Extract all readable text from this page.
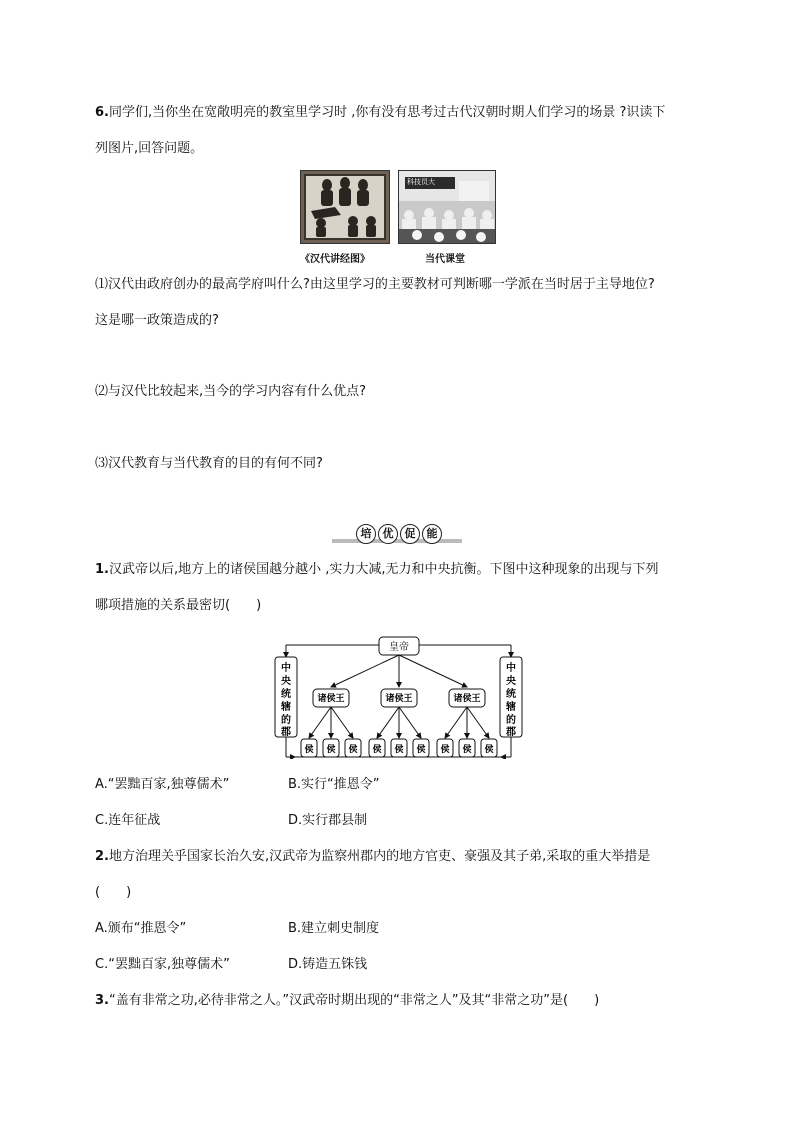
6.同学们,当你坐在宽敞明亮的教室里学习时 ,你有没有思考过古代汉朝时期人们学习的场景 ?识读下
列图片,回答问题。
《汉代讲经图》
科技员大
当代课堂
⑴汉代由政府创办的最高学府叫什么?由这里学习的主要教材可判断哪一学派在当时居于主导地位?
这是哪一政策造成的?
⑵与汉代比较起来,当今的学习内容有什么优点?
⑶汉代教育与当代教育的目的有何不同?
培	优	促	能
1.汉武帝以后,地方上的诸侯国越分越小 ,实力大减,无力和中央抗衡。下图中这种现象的出现与下列
哪项措施的关系最密切(　　)
皇帝
中
央
统
辖
的
郡
中
央
统
辖
的
郡
诸侯王	诸侯王	诸侯王
侯 侯 侯 侯 侯 侯 侯 侯 侯
A.“罢黜百家,独尊儒术”	B.实行“推恩令”
C.连年征战	D.实行郡县制
2.地方治理关乎国家长治久安,汉武帝为监察州郡内的地方官吏、豪强及其子弟,采取的重大举措是
(　　)
A.颁布“推恩令”	B.建立刺史制度
C.“罢黜百家,独尊儒术”	D.铸造五铢钱
3.“盖有非常之功,必待非常之人。”汉武帝时期出现的“非常之人”及其“非常之功”是(　　)
